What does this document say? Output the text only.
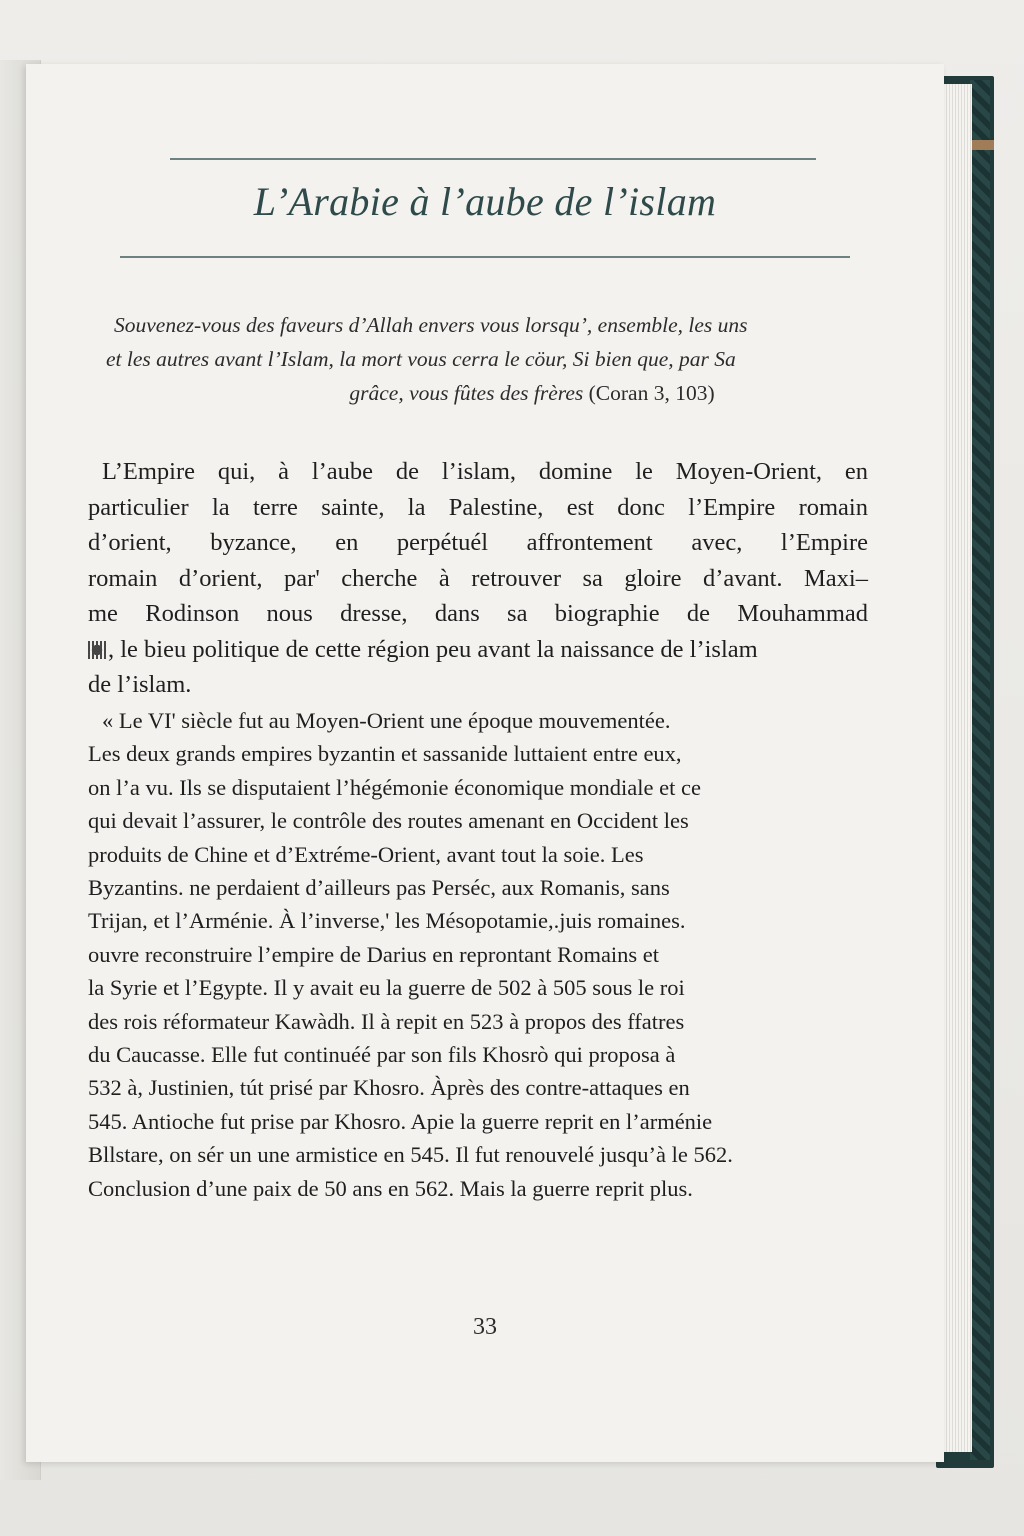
L’Arabie à l’aube de l’islam
Souvenez-vous des faveurs d’Allah envers vous lorsqu’, ensemble, les uns
et les autres avant l’Islam, la mort vous cerra le cöur, Si bien que, par Sa
grâce, vous fûtes des frères (Coran 3, 103)
L’Empire qui, à l’aube de l’islam, domine le Moyen-Orient, en
particulier la terre sainte, la Palestine, est donc l’Empire romain
d’orient, byzance, en perpétuél affrontement avec, l’Empire
romain d’orient, par' cherche à retrouver sa gloire d’avant. Maxi–
me Rodinson nous dresse, dans sa biographie de Mouhammad
, le bieu politique de cette région peu avant la naissance de l’islam
de l’islam.
« Le VI' siècle fut au Moyen-Orient une époque mouvementée.
Les deux grands empires byzantin et sassanide luttaient entre eux,
on l’a vu. Ils se disputaient l’hégémonie économique mondiale et ce
qui devait l’assurer, le contrôle des routes amenant en Occident les
produits de Chine et d’Extréme-Orient, avant tout la soie. Les
Byzantins. ne perdaient d’ailleurs pas Perséc, aux Romanis, sans
Trijan, et l’Arménie. À l’inverse,' les Mésopotamie,.juis romaines.
ouvre reconstruire l’empire de Darius en reprontant Romains et
la Syrie et l’Egypte. Il y avait eu la guerre de 502 à 505 sous le roi
des rois réformateur Kawàdh. Il à repit en 523 à propos des ffatres
du Caucasse. Elle fut continuéé par son fils Khosrò qui proposa à
532 à, Justinien, tút prisé par Khosro. Àprès des contre-attaques en
545. Antioche fut prise par Khosro. Apie la guerre reprit en l’arménie
Bllstare, on sér un une armistice en 545. Il fut renouvelé jusqu’à le 562.
Conclusion d’une paix de 50 ans en 562. Mais la guerre reprit plus.
33
